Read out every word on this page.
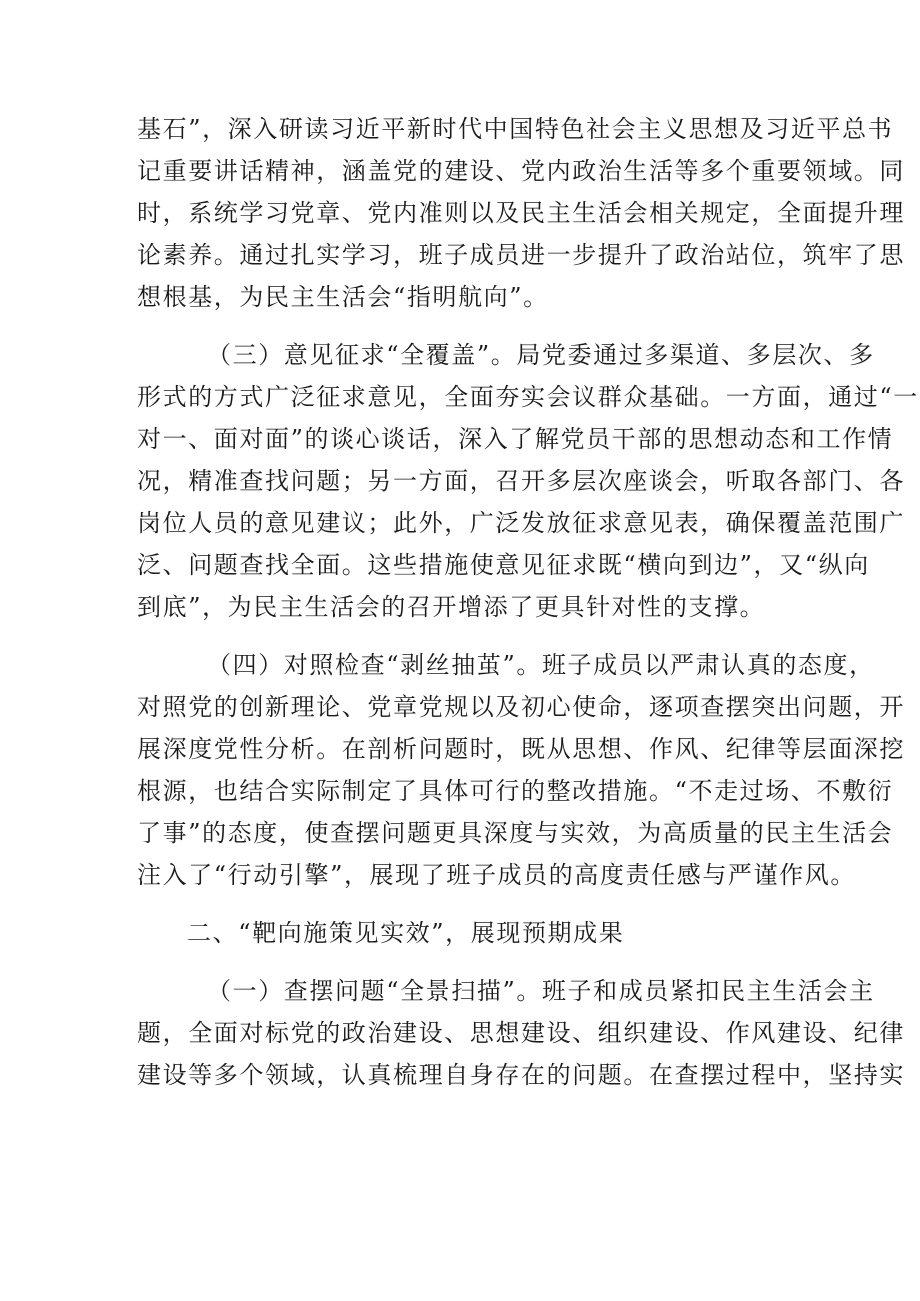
基石”，深入研读习近平新时代中国特色社会主义思想及习近平总书
记重要讲话精神，涵盖党的建设、党内政治生活等多个重要领域。同
时，系统学习党章、党内准则以及民主生活会相关规定，全面提升理
论素养。通过扎实学习，班子成员进一步提升了政治站位，筑牢了思
想根基，为民主生活会“指明航向”。
（三）意见征求“全覆盖”。局党委通过多渠道、多层次、多
形式的方式广泛征求意见，全面夯实会议群众基础。一方面，通过“一
对一、面对面”的谈心谈话，深入了解党员干部的思想动态和工作情
况，精准查找问题；另一方面，召开多层次座谈会，听取各部门、各
岗位人员的意见建议；此外，广泛发放征求意见表，确保覆盖范围广
泛、问题查找全面。这些措施使意见征求既“横向到边”，又“纵向
到底”，为民主生活会的召开增添了更具针对性的支撑。
（四）对照检查“剥丝抽茧”。班子成员以严肃认真的态度，
对照党的创新理论、党章党规以及初心使命，逐项查摆突出问题，开
展深度党性分析。在剖析问题时，既从思想、作风、纪律等层面深挖
根源，也结合实际制定了具体可行的整改措施。“不走过场、不敷衍
了事”的态度，使查摆问题更具深度与实效，为高质量的民主生活会
注入了“行动引擎”，展现了班子成员的高度责任感与严谨作风。
二、“靶向施策见实效”，展现预期成果
（一）查摆问题“全景扫描”。班子和成员紧扣民主生活会主
题，全面对标党的政治建设、思想建设、组织建设、作风建设、纪律
建设等多个领域，认真梳理自身存在的问题。在查摆过程中，坚持实
